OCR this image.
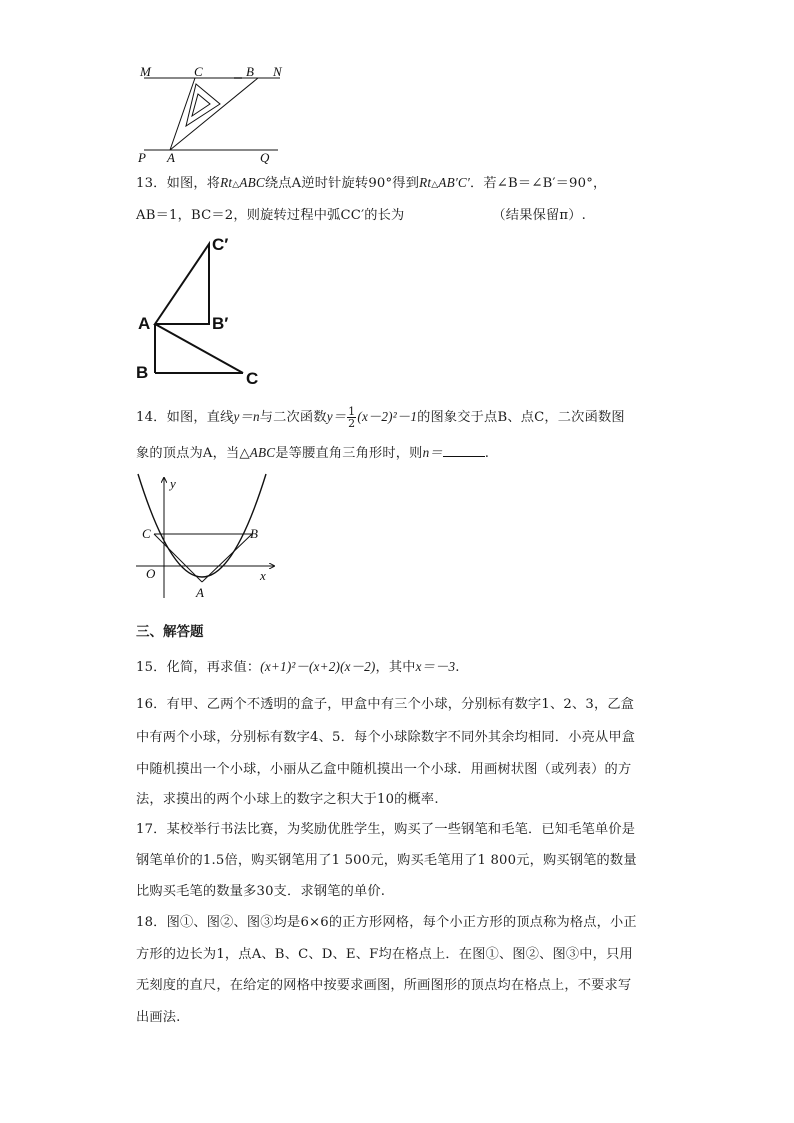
M	C	B N
P A	Q
13．如图，将Rt△ABC绕点A逆时针旋转90°得到Rt△AB′C′．若∠B＝∠B′＝90°，
AB＝1，BC＝2，则旋转过程中弧CC′的长为	（结果保留π）.
C′
A	B′
B	C
14．如图，直线y＝n与二次函数$y= \frac{1}{2} (x-2)^2-1$的图象交于点B、点C，二次函数图
象的顶点为A，当△ABC是等腰直角三角形时，则n＝	.
y
C	B
O	x
A
三、解答题
15．化简，再求值：(x+1)²－(x+2)(x－2)，其中x＝－3.
16．有甲、乙两个不透明的盒子，甲盒中有三个小球，分别标有数字1、2、3，乙盒
中有两个小球，分别标有数字4、5．每个小球除数字不同外其余均相同．小亮从甲盒
中随机摸出一个小球，小丽从乙盒中随机摸出一个小球．用画树状图（或列表）的方
法，求摸出的两个小球上的数字之积大于10的概率.
17．某校举行书法比赛，为奖励优胜学生，购买了一些钢笔和毛笔．已知毛笔单价是
钢笔单价的1.5倍，购买钢笔用了1 500元，购买毛笔用了1 800元，购买钢笔的数量
比购买毛笔的数量多30支．求钢笔的单价.
18．图①、图②、图③均是6×6的正方形网格，每个小正方形的顶点称为格点，小正
方形的边长为1，点A、B、C、D、E、F均在格点上．在图①、图②、图③中，只用
无刻度的直尺，在给定的网格中按要求画图，所画图形的顶点均在格点上，不要求写
出画法.
